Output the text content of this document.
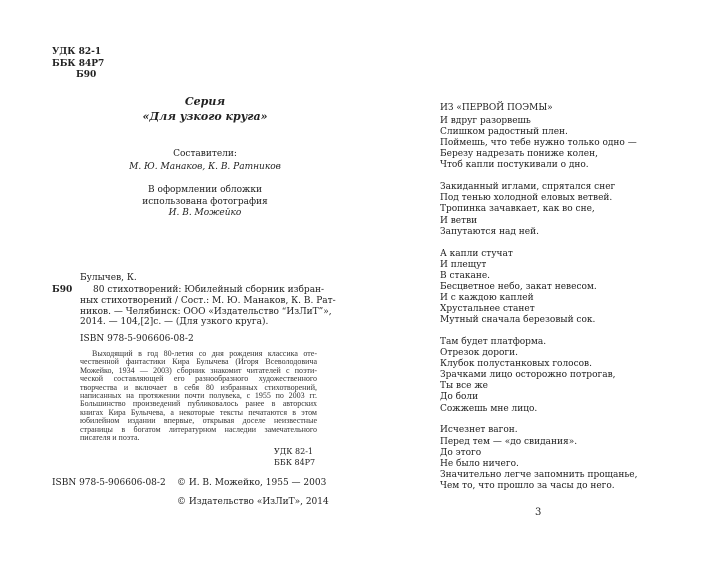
УДК 82-1
ББК 84Р7
Б90
Серия
«Для узкого круга»
Составители:
М. Ю. Манаков, К. В. Ратников
В оформлении обложки
использована фотография
И. В. Можейко
Булычев, К.
Б90 80 стихотворений: Юбилейный сборник избран-
ных стихотворений / Сост.: М. Ю. Манаков, К. В. Рат-
ников. — Челябинск: ООО «Издательство “ИзЛиТ”»,
2014. — 104,[2]с. — (Для узкого круга).
ISBN 978-5-906606-08-2
Выходящий в год 80-летия со дня рождения классика оте-
чественной фантастики Кира Булычева (Игоря Всеволодовича
Можейко, 1934 — 2003) сборник знакомит читателей с поэти-
ческой составляющей его разнообразного художественного
творчества и включает в себя 80 избранных стихотворений,
написанных на протяжении почти полувека, с 1955 по 2003 гг.
Большинство произведений публиковалось ранее в авторских
книгах Кира Булычева, а некоторые тексты печатаются в этом
юбилейном издании впервые, открывая доселе неизвестные
страницы в богатом литературном наследии замечательного
писателя и поэта.
УДК 82-1
ББК 84Р7
ISBN 978-5-906606-08-2 © И. В. Можейко, 1955 — 2003
© Издательство «ИзЛиТ», 2014
ИЗ «ПЕРВОЙ ПОЭМЫ»
И вдруг разорвешь
Слишком радостный плен.
Поймешь, что тебе нужно только одно —
Березу надрезать пониже колен,
Чтоб капли постукивали о дно.
Закиданный иглами, спрятался снег
Под тенью холодной еловых ветвей.
Тропинка зачавкает, как во сне,
И ветви
Запутаются над ней.
А капли стучат
И плещут
В стакане.
Бесцветное небо, закат невесом.
И с каждою каплей
Хрустальнее станет
Мутный сначала березовый сок.
Там будет платформа.
Отрезок дороги.
Клубок полустанковых голосов.
Зрачками лицо осторожно потрогав,
Ты все же
До боли
Сожжешь мне лицо.
Исчезнет вагон.
Перед тем — «до свидания».
До этого
Не было ничего.
Значительно легче запомнить прощанье,
Чем то, что прошло за часы до него.
3
